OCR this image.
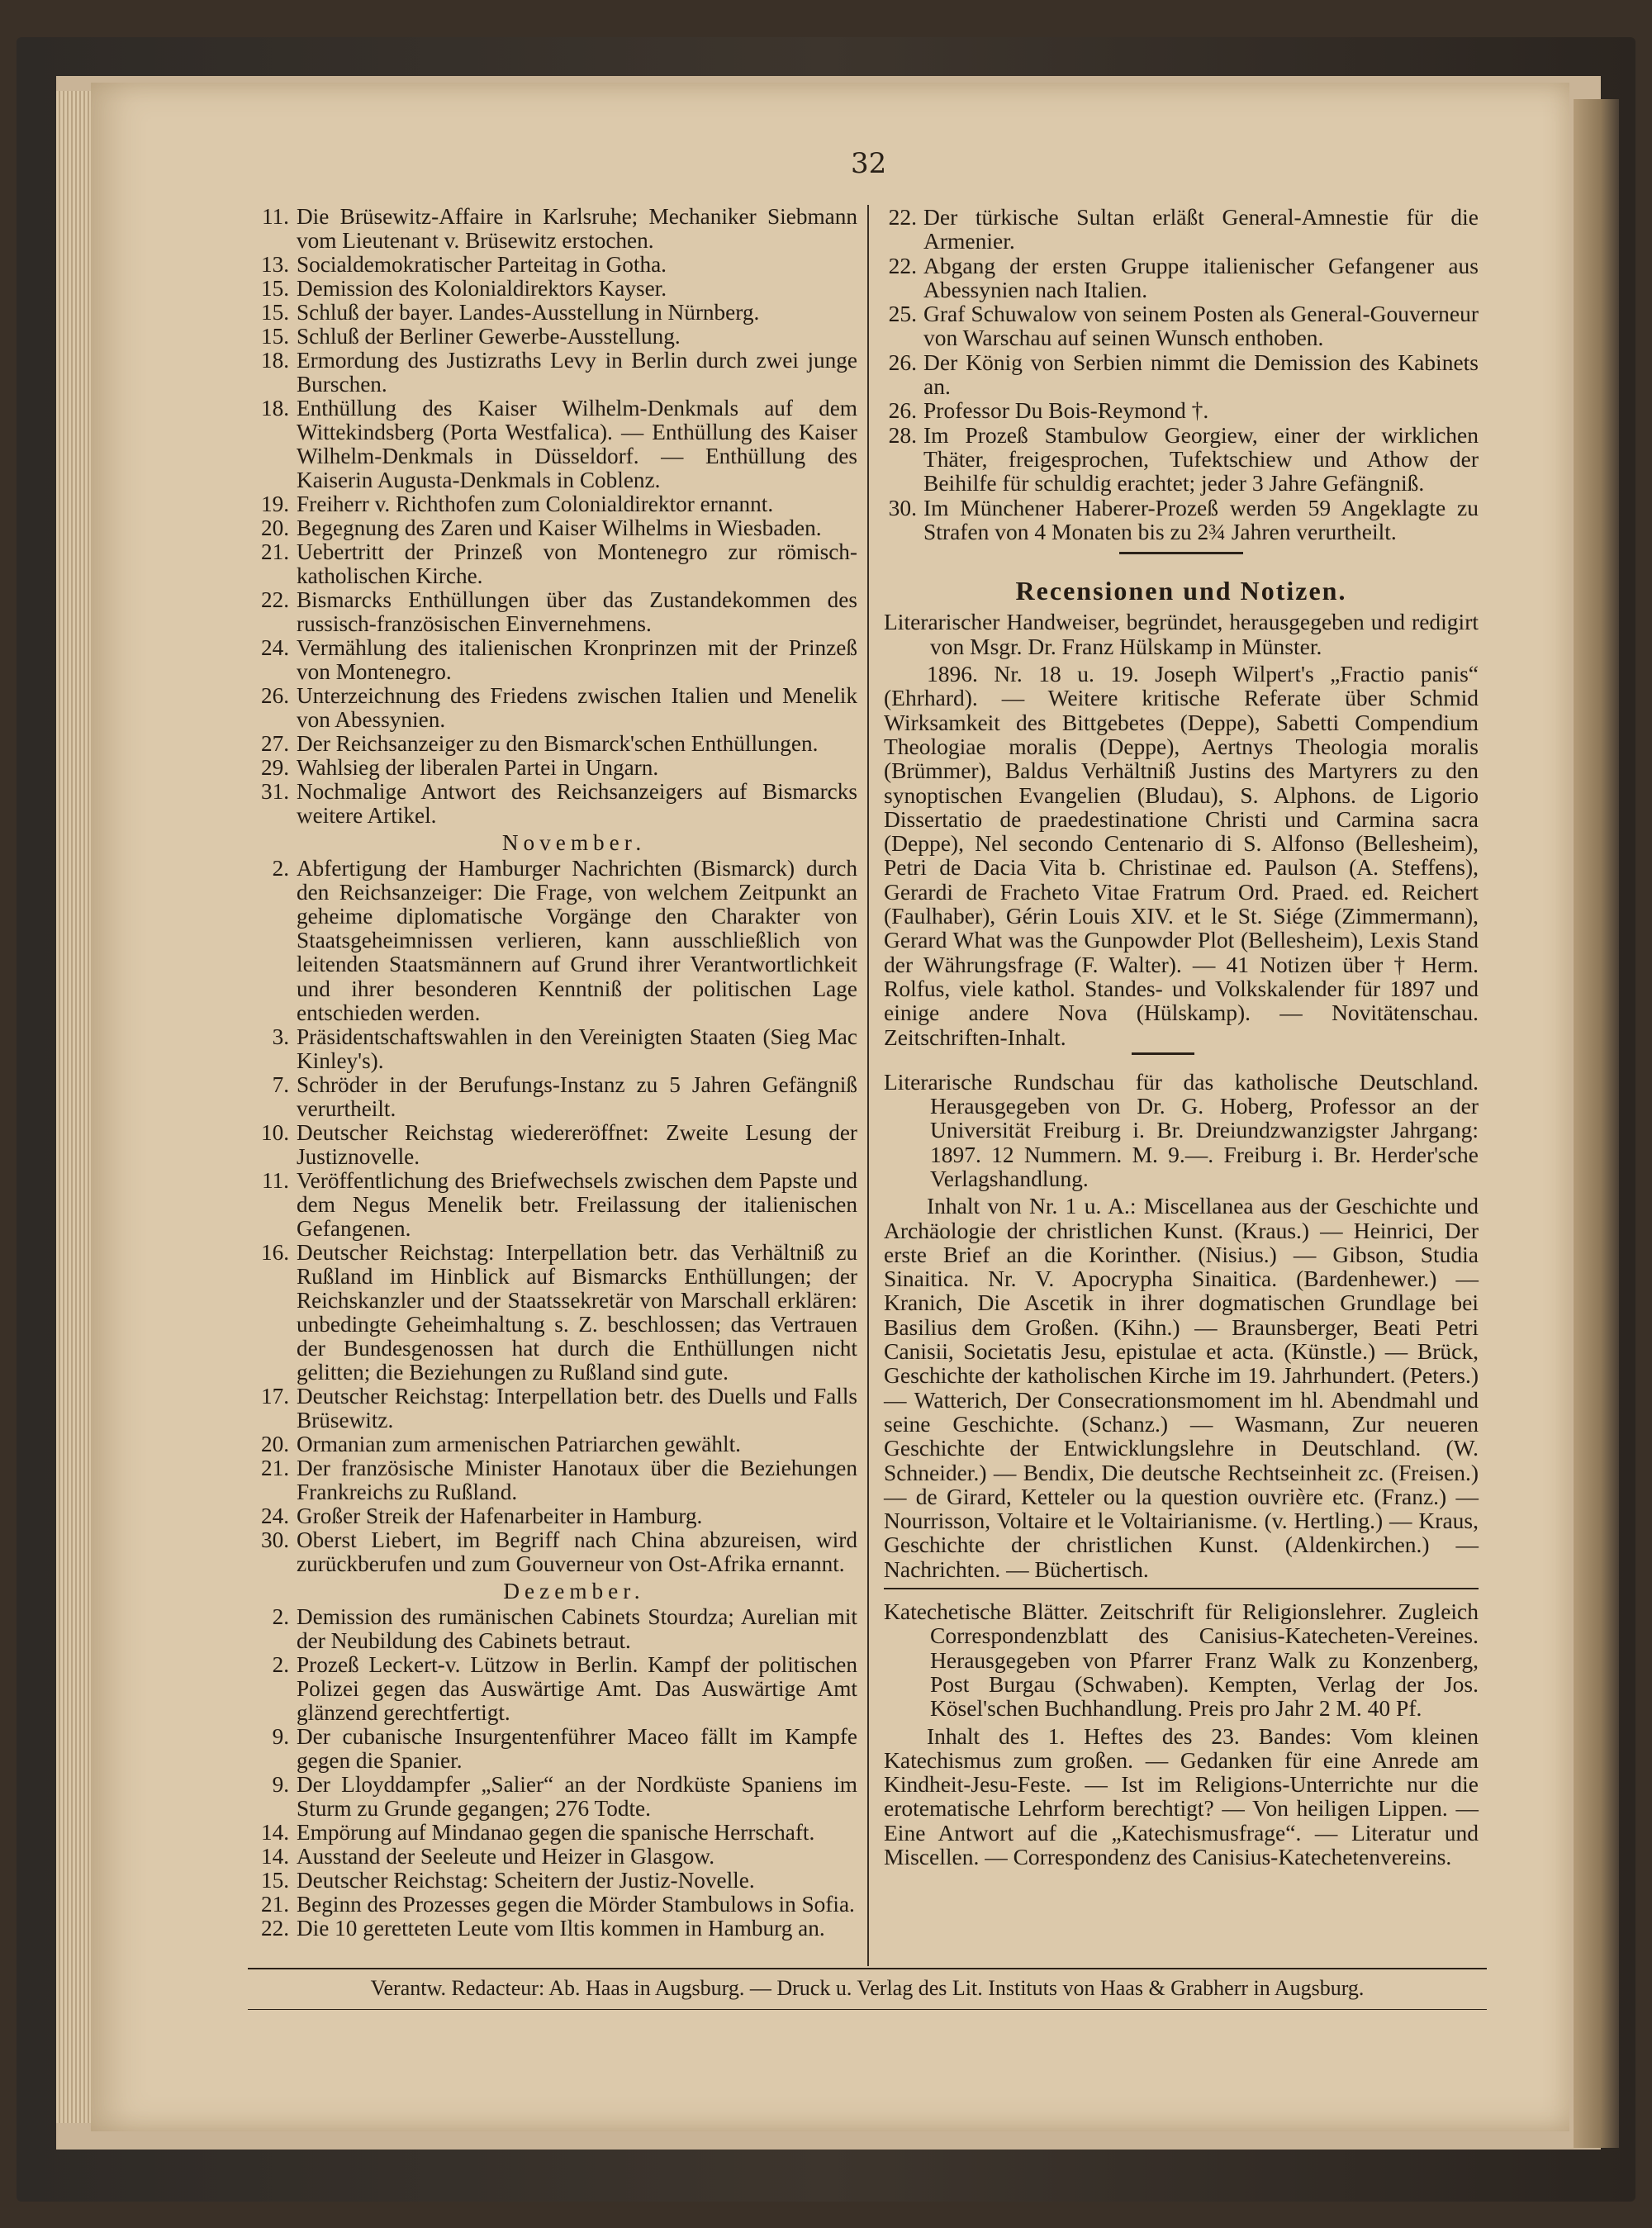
32
11. Die Brüsewitz-Affaire in Karlsruhe; Mechaniker Siebmann vom Lieutenant v. Brüsewitz erstochen.
13. Socialdemokratischer Parteitag in Gotha.
15. Demission des Kolonialdirektors Kayser.
15. Schluß der bayer. Landes-Ausstellung in Nürnberg.
15. Schluß der Berliner Gewerbe-Ausstellung.
18. Ermordung des Justizraths Levy in Berlin durch zwei junge Burschen.
18. Enthüllung des Kaiser Wilhelm-Denkmals auf dem Wittekindsberg (Porta Westfalica). — Enthüllung des Kaiser Wilhelm-Denkmals in Düsseldorf. — Enthüllung des Kaiserin Augusta-Denkmals in Coblenz.
19. Freiherr v. Richthofen zum Colonialdirektor ernannt.
20. Begegnung des Zaren und Kaiser Wilhelms in Wiesbaden.
21. Uebertritt der Prinzeß von Montenegro zur römisch-katholischen Kirche.
22. Bismarcks Enthüllungen über das Zustandekommen des russisch-französischen Einvernehmens.
24. Vermählung des italienischen Kronprinzen mit der Prinzeß von Montenegro.
26. Unterzeichnung des Friedens zwischen Italien und Menelik von Abessynien.
27. Der Reichsanzeiger zu den Bismarck'schen Enthüllungen.
29. Wahlsieg der liberalen Partei in Ungarn.
31. Nochmalige Antwort des Reichsanzeigers auf Bismarcks weitere Artikel.
November.
2. Abfertigung der Hamburger Nachrichten (Bismarck) durch den Reichsanzeiger: Die Frage, von welchem Zeitpunkt an geheime diplomatische Vorgänge den Charakter von Staatsgeheimnissen verlieren, kann ausschließlich von leitenden Staatsmännern auf Grund ihrer Verantwortlichkeit und ihrer besonderen Kenntniß der politischen Lage entschieden werden.
3. Präsidentschaftswahlen in den Vereinigten Staaten (Sieg Mac Kinley's).
7. Schröder in der Berufungs-Instanz zu 5 Jahren Gefängniß verurtheilt.
10. Deutscher Reichstag wiedereröffnet: Zweite Lesung der Justiznovelle.
11. Veröffentlichung des Briefwechsels zwischen dem Papste und dem Negus Menelik betr. Freilassung der italienischen Gefangenen.
16. Deutscher Reichstag: Interpellation betr. das Verhältniß zu Rußland im Hinblick auf Bismarcks Enthüllungen; der Reichskanzler und der Staatssekretär von Marschall erklären: unbedingte Geheimhaltung s. Z. beschlossen; das Vertrauen der Bundesgenossen hat durch die Enthüllungen nicht gelitten; die Beziehungen zu Rußland sind gute.
17. Deutscher Reichstag: Interpellation betr. des Duells und Falls Brüsewitz.
20. Ormanian zum armenischen Patriarchen gewählt.
21. Der französische Minister Hanotaux über die Beziehungen Frankreichs zu Rußland.
24. Großer Streik der Hafenarbeiter in Hamburg.
30. Oberst Liebert, im Begriff nach China abzureisen, wird zurückberufen und zum Gouverneur von Ost-Afrika ernannt.
Dezember.
2. Demission des rumänischen Cabinets Stourdza; Aurelian mit der Neubildung des Cabinets betraut.
2. Prozeß Leckert-v. Lützow in Berlin. Kampf der politischen Polizei gegen das Auswärtige Amt. Das Auswärtige Amt glänzend gerechtfertigt.
9. Der cubanische Insurgentenführer Maceo fällt im Kampfe gegen die Spanier.
9. Der Lloyddampfer „Salier“ an der Nordküste Spaniens im Sturm zu Grunde gegangen; 276 Todte.
14. Empörung auf Mindanao gegen die spanische Herrschaft.
14. Ausstand der Seeleute und Heizer in Glasgow.
15. Deutscher Reichstag: Scheitern der Justiz-Novelle.
21. Beginn des Prozesses gegen die Mörder Stambulows in Sofia.
22. Die 10 geretteten Leute vom Iltis kommen in Hamburg an.
22. Der türkische Sultan erläßt General-Amnestie für die Armenier.
22. Abgang der ersten Gruppe italienischer Gefangener aus Abessynien nach Italien.
25. Graf Schuwalow von seinem Posten als General-Gouverneur von Warschau auf seinen Wunsch enthoben.
26. Der König von Serbien nimmt die Demission des Kabinets an.
26. Professor Du Bois-Reymond †.
28. Im Prozeß Stambulow Georgiew, einer der wirklichen Thäter, freigesprochen, Tufektschiew und Athow der Beihilfe für schuldig erachtet; jeder 3 Jahre Gefängniß.
30. Im Münchener Haberer-Prozeß werden 59 Angeklagte zu Strafen von 4 Monaten bis zu 2¾ Jahren verurtheilt.
Recensionen und Notizen.
Literarischer Handweiser, begründet, herausgegeben und redigirt von Msgr. Dr. Franz Hülskamp in Münster.
1896. Nr. 18 u. 19. Joseph Wilpert's „Fractio panis“ (Ehrhard). — Weitere kritische Referate über Schmid Wirksamkeit des Bittgebetes (Deppe), Sabetti Compendium Theologiae moralis (Deppe), Aertnys Theologia moralis (Brümmer), Baldus Verhältniß Justins des Martyrers zu den synoptischen Evangelien (Bludau), S. Alphons. de Ligorio Dissertatio de praedestinatione Christi und Carmina sacra (Deppe), Nel secondo Centenario di S. Alfonso (Bellesheim), Petri de Dacia Vita b. Christinae ed. Paulson (A. Steffens), Gerardi de Fracheto Vitae Fratrum Ord. Praed. ed. Reichert (Faulhaber), Gérin Louis XIV. et le St. Siége (Zimmermann), Gerard What was the Gunpowder Plot (Bellesheim), Lexis Stand der Währungsfrage (F. Walter). — 41 Notizen über † Herm. Rolfus, viele kathol. Standes- und Volkskalender für 1897 und einige andere Nova (Hülskamp). — Novitätenschau. Zeitschriften-Inhalt.
Literarische Rundschau für das katholische Deutschland. Herausgegeben von Dr. G. Hoberg, Professor an der Universität Freiburg i. Br. Dreiundzwanzigster Jahrgang: 1897. 12 Nummern. M. 9.—. Freiburg i. Br. Herder'sche Verlagshandlung.
Inhalt von Nr. 1 u. A.: Miscellanea aus der Geschichte und Archäologie der christlichen Kunst. (Kraus.) — Heinrici, Der erste Brief an die Korinther. (Nisius.) — Gibson, Studia Sinaitica. Nr. V. Apocrypha Sinaitica. (Bardenhewer.) — Kranich, Die Ascetik in ihrer dogmatischen Grundlage bei Basilius dem Großen. (Kihn.) — Braunsberger, Beati Petri Canisii, Societatis Jesu, epistulae et acta. (Künstle.) — Brück, Geschichte der katholischen Kirche im 19. Jahrhundert. (Peters.) — Watterich, Der Consecrationsmoment im hl. Abendmahl und seine Geschichte. (Schanz.) — Wasmann, Zur neueren Geschichte der Entwicklungslehre in Deutschland. (W. Schneider.) — Bendix, Die deutsche Rechtseinheit zc. (Freisen.) — de Girard, Ketteler ou la question ouvrière etc. (Franz.) — Nourrisson, Voltaire et le Voltairianisme. (v. Hertling.) — Kraus, Geschichte der christlichen Kunst. (Aldenkirchen.) — Nachrichten. — Büchertisch.
Katechetische Blätter. Zeitschrift für Religionslehrer. Zugleich Correspondenzblatt des Canisius-Katecheten-Vereines. Herausgegeben von Pfarrer Franz Walk zu Konzenberg, Post Burgau (Schwaben). Kempten, Verlag der Jos. Kösel'schen Buchhandlung. Preis pro Jahr 2 M. 40 Pf.
Inhalt des 1. Heftes des 23. Bandes: Vom kleinen Katechismus zum großen. — Gedanken für eine Anrede am Kindheit-Jesu-Feste. — Ist im Religions-Unterrichte nur die erotematische Lehrform berechtigt? — Von heiligen Lippen. — Eine Antwort auf die „Katechismusfrage“. — Literatur und Miscellen. — Correspondenz des Canisius-Katechetenvereins.
Verantw. Redacteur: Ab. Haas in Augsburg. — Druck u. Verlag des Lit. Instituts von Haas & Grabherr in Augsburg.
